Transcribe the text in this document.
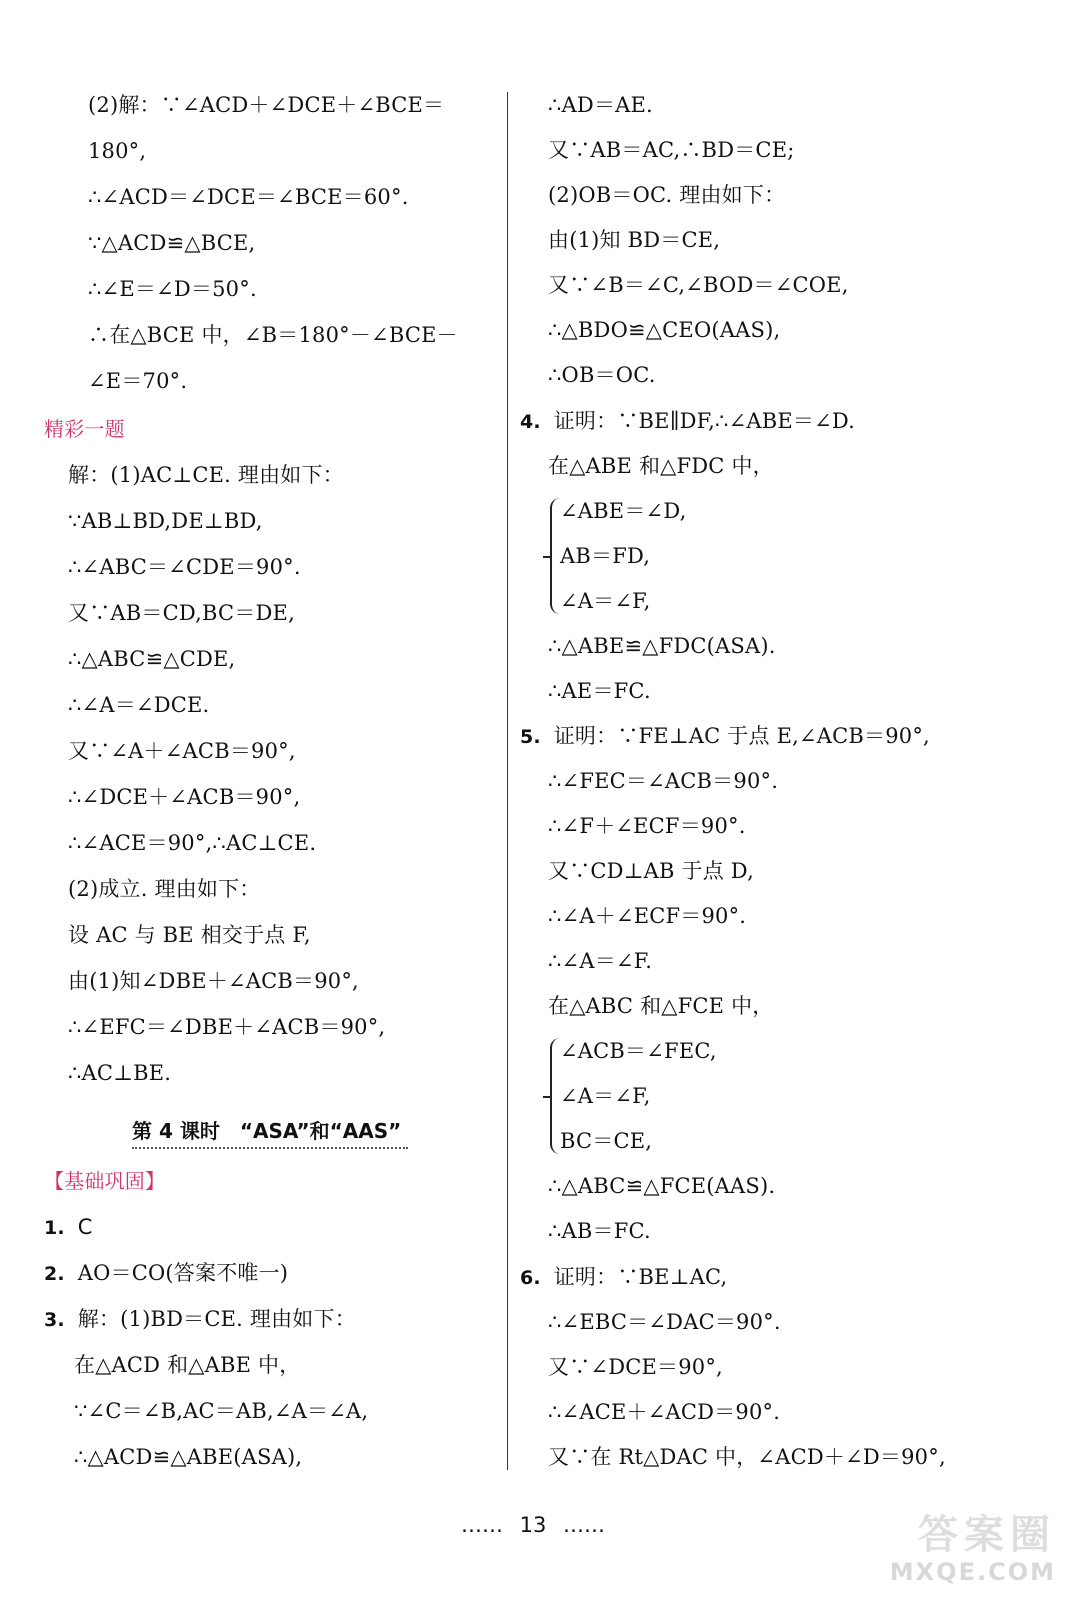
(2)解：∵∠ACD＋∠DCE＋∠BCE＝
180°,
∴∠ACD＝∠DCE＝∠BCE＝60°.
∵△ACD≌△BCE,
∴∠E＝∠D＝50°.
∴在△BCE 中，∠B＝180°－∠BCE－
∠E＝70°.
精彩一题
解：(1)AC⊥CE. 理由如下：
∵AB⊥BD,DE⊥BD,
∴∠ABC＝∠CDE＝90°.
又∵AB＝CD,BC＝DE,
∴△ABC≌△CDE,
∴∠A＝∠DCE.
又∵∠A＋∠ACB＝90°,
∴∠DCE＋∠ACB＝90°,
∴∠ACE＝90°,∴AC⊥CE.
(2)成立. 理由如下：
设 AC 与 BE 相交于点 F,
由(1)知∠DBE＋∠ACB＝90°,
∴∠EFC＝∠DBE＋∠ACB＝90°,
∴AC⊥BE.
第 4 课时　“ASA”和“AAS”
【基础巩固】
1. C
2. AO＝CO(答案不唯一)
3. 解：(1)BD＝CE. 理由如下：
在△ACD 和△ABE 中，
∵∠C＝∠B,AC＝AB,∠A＝∠A,
∴△ACD≌△ABE(ASA),
∴AD＝AE.
又∵AB＝AC,∴BD＝CE;
(2)OB＝OC. 理由如下：
由(1)知 BD＝CE,
又∵∠B＝∠C,∠BOD＝∠COE,
∴△BDO≌△CEO(AAS),
∴OB＝OC.
4. 证明：∵BE∥DF,∴∠ABE＝∠D.
在△ABE 和△FDC 中，
∠ABE＝∠D,
AB＝FD,
∠A＝∠F,
∴△ABE≌△FDC(ASA).
∴AE＝FC.
5. 证明：∵FE⊥AC 于点 E,∠ACB＝90°,
∴∠FEC＝∠ACB＝90°.
∴∠F＋∠ECF＝90°.
又∵CD⊥AB 于点 D,
∴∠A＋∠ECF＝90°.
∴∠A＝∠F.
在△ABC 和△FCE 中，
∠ACB＝∠FEC,
∠A＝∠F,
BC＝CE,
∴△ABC≌△FCE(AAS).
∴AB＝FC.
6. 证明：∵BE⊥AC,
∴∠EBC＝∠DAC＝90°.
又∵∠DCE＝90°,
∴∠ACE＋∠ACD＝90°.
又∵在 Rt△DAC 中，∠ACD＋∠D＝90°,
…… 13 ……	答案圈
MXQE.COM
